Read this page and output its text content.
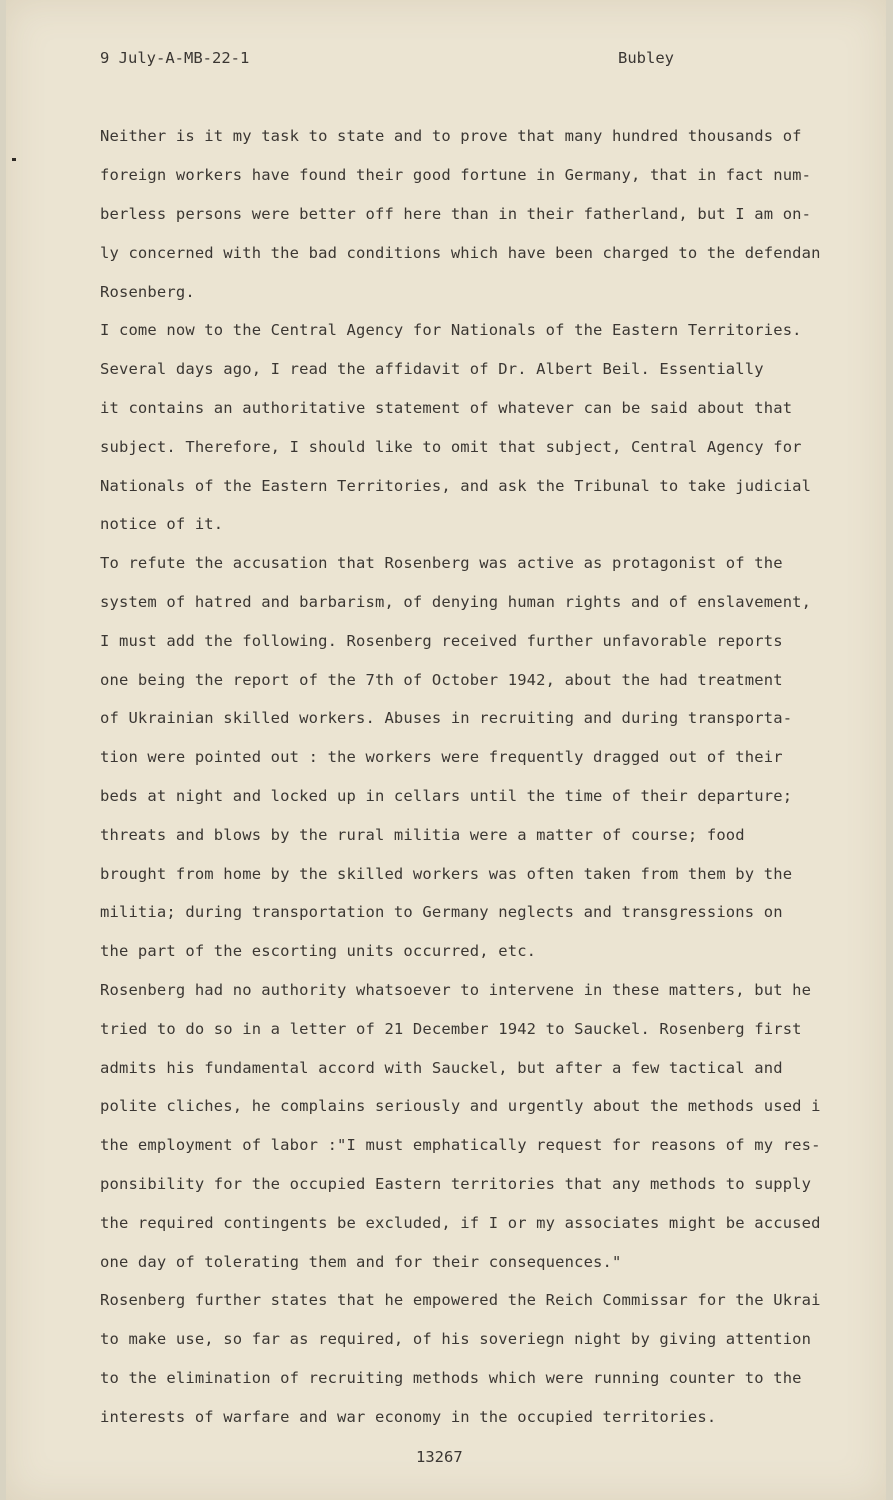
9 July-A-MB-22-1	Bubley
Neither is it my task to state and to prove that many hundred thousands of
foreign workers have found their good fortune in Germany, that in fact num-
berless persons were better off here than in their fatherland, but I am on-
ly concerned with the bad conditions which have been charged to the defendan
Rosenberg.
I come now to the Central Agency for Nationals of the Eastern Territories.
Several days ago, I read the affidavit of Dr. Albert Beil. Essentially
it contains an authoritative statement of whatever can be said about that
subject. Therefore, I should like to omit that subject, Central Agency for
Nationals of the Eastern Territories, and ask the Tribunal to take judicial
notice of it.
To refute the accusation that Rosenberg was active as protagonist of the
system of hatred and barbarism, of denying human rights and of enslavement,
I must add the following. Rosenberg received further unfavorable reports
one being the report of the 7th of October 1942, about the had treatment
of Ukrainian skilled workers. Abuses in recruiting and during transporta-
tion were pointed out : the workers were frequently dragged out of their
beds at night and locked up in cellars until the time of their departure;
threats and blows by the rural militia were a matter of course; food
brought from home by the skilled workers was often taken from them by the
militia; during transportation to Germany neglects and transgressions on
the part of the escorting units occurred, etc.
Rosenberg had no authority whatsoever to intervene in these matters, but he
tried to do so in a letter of 21 December 1942 to Sauckel. Rosenberg first
admits his fundamental accord with Sauckel, but after a few tactical and
polite cliches, he complains seriously and urgently about the methods used i
the employment of labor :"I must emphatically request for reasons of my res-
ponsibility for the occupied Eastern territories that any methods to supply
the required contingents be excluded, if I or my associates might be accused
one day of tolerating them and for their consequences."
Rosenberg further states that he empowered the Reich Commissar for the Ukrai
to make use, so far as required, of his soveriegn night by giving attention
to the elimination of recruiting methods which were running counter to the
interests of warfare and war economy in the occupied territories.
13267
